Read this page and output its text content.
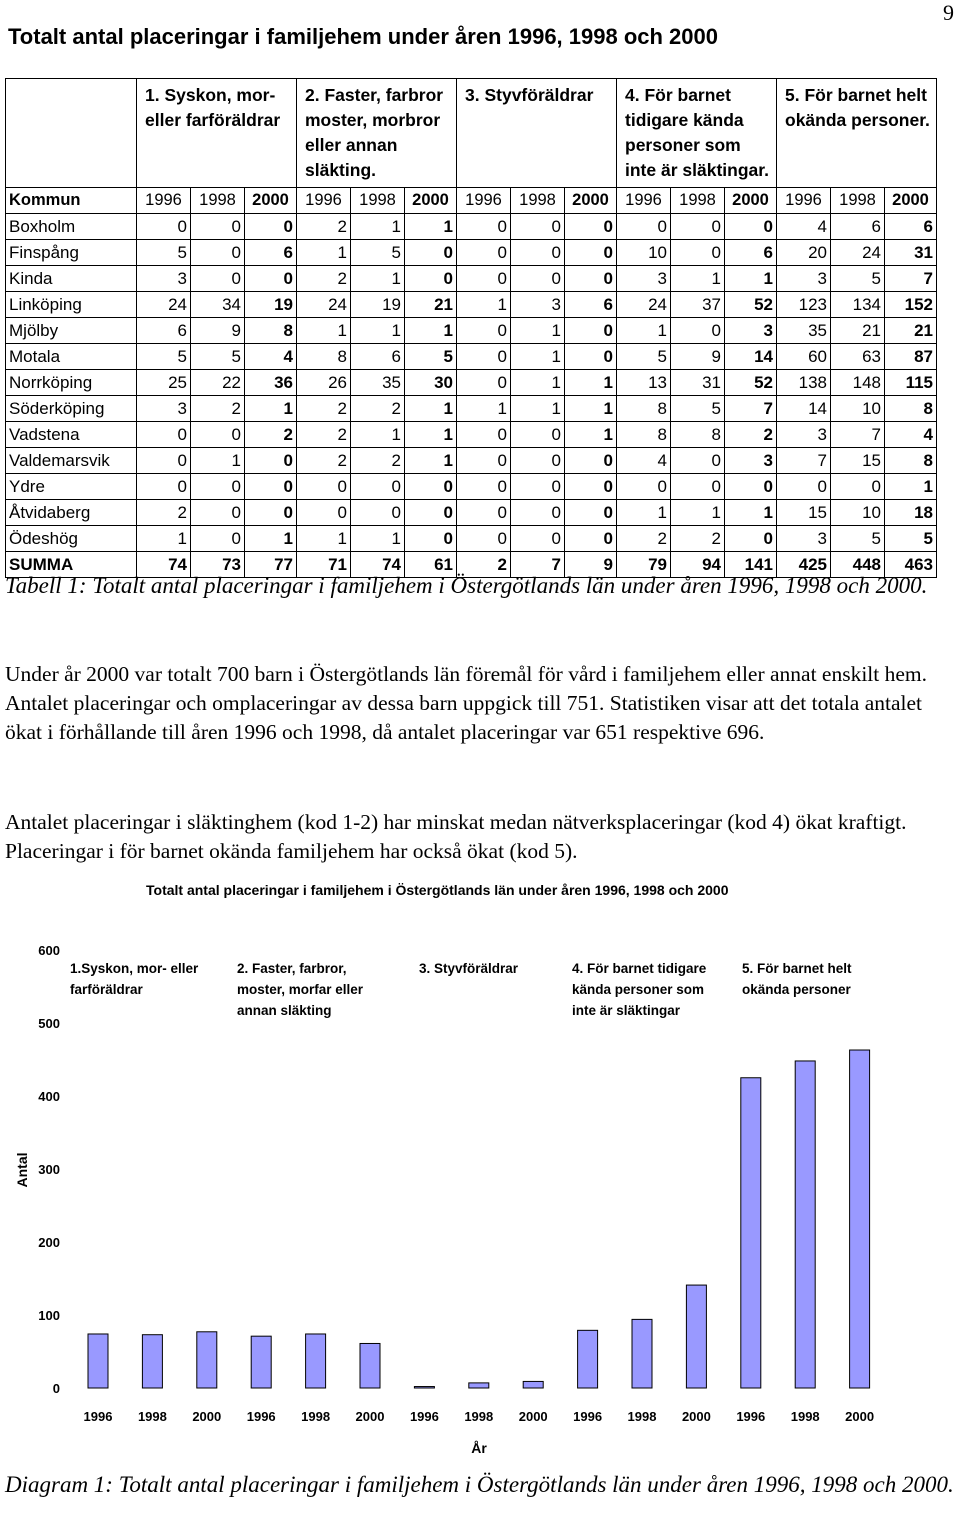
9
Totalt antal placeringar i familjehem under åren 1996, 1998 och 2000
	1. Syskon, mor- eller farföräldrar			2. Faster, farbror moster, morbror eller annan släkting.			3. Styvföräldrar			4. För barnet tidigare kända personer som inte är släktingar.			5. För barnet helt okända personer.		
Kommun	1996	1998	2000	1996	1998	2000	1996	1998	2000	1996	1998	2000	1996	1998	2000
Boxholm	0	0	0	2	1	1	0	0	0	0	0	0	4	6	6
Finspång	5	0	6	1	5	0	0	0	0	10	0	6	20	24	31
Kinda	3	0	0	2	1	0	0	0	0	3	1	1	3	5	7
Linköping	24	34	19	24	19	21	1	3	6	24	37	52	123	134	152
Mjölby	6	9	8	1	1	1	0	1	0	1	0	3	35	21	21
Motala	5	5	4	8	6	5	0	1	0	5	9	14	60	63	87
Norrköping	25	22	36	26	35	30	0	1	1	13	31	52	138	148	115
Söderköping	3	2	1	2	2	1	1	1	1	8	5	7	14	10	8
Vadstena	0	0	2	2	1	1	0	0	1	8	8	2	3	7	4
Valdemarsvik	0	1	0	2	2	1	0	0	0	4	0	3	7	15	8
Ydre	0	0	0	0	0	0	0	0	0	0	0	0	0	0	1
Åtvidaberg	2	0	0	0	0	0	0	0	0	1	1	1	15	10	18
Ödeshög	1	0	1	1	1	0	0	0	0	2	2	0	3	5	5
SUMMA	74	73	77	71	74	61	2	7	9	79	94	141	425	448	463
Tabell 1: Totalt antal placeringar i familjehem i Östergötlands län under åren 1996, 1998 och 2000.
Under år 2000 var totalt 700 barn i Östergötlands län föremål för vård i familjehem eller annat enskilt hem. Antalet placeringar och omplaceringar av dessa barn uppgick till 751. Statistiken visar att det totala antalet ökat i förhållande till åren 1996 och 1998, då antalet placeringar var 651 respektive 696.
Antalet placeringar i släktinghem (kod 1-2) har minskat medan nätverksplaceringar (kod 4) ökat kraftigt. Placeringar i för barnet okända familjehem har också ökat (kod 5).
Totalt antal placeringar i familjehem i Östergötlands län under åren 1996, 1998 och 2000
0
100
200
300
400
500
600
Antal
1996 1998 2000
1.Syskon, mor- eller
farföräldrar
1996 1998 2000
2. Faster, farbror,
moster, morfar eller
annan släkting
1996 1998 2000
3. Styvföräldrar
1996 1998 2000
4. För barnet tidigare
kända personer som
inte är släktingar
1996 1998 2000
5. För barnet helt
okända personer
År
Diagram 1: Totalt antal placeringar i familjehem i Östergötlands län under åren 1996, 1998 och 2000.
